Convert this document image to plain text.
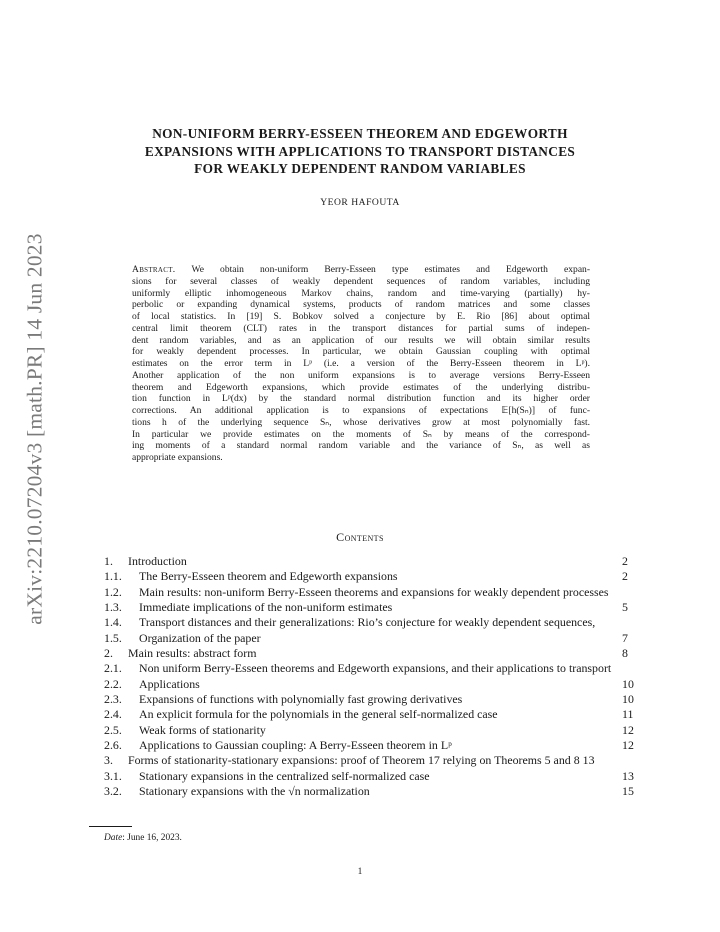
arXiv:2210.07204v3 [math.PR] 14 Jun 2023
NON-UNIFORM BERRY-ESSEEN THEOREM AND EDGEWORTH
EXPANSIONS WITH APPLICATIONS TO TRANSPORT DISTANCES
FOR WEAKLY DEPENDENT RANDOM VARIABLES
YEOR HAFOUTA
Abstract. We obtain non-uniform Berry-Esseen type estimates and Edgeworth expan-
sions for several classes of weakly dependent sequences of random variables, including
uniformly elliptic inhomogeneous Markov chains, random and time-varying (partially) hy-
perbolic or expanding dynamical systems, products of random matrices and some classes
of local statistics. In [19] S. Bobkov solved a conjecture by E. Rio [86] about optimal
central limit theorem (CLT) rates in the transport distances for partial sums of indepen-
dent random variables, and as an application of our results we will obtain similar results
for weakly dependent processes. In particular, we obtain Gaussian coupling with optimal
estimates on the error term in Lᵖ (i.e. a version of the Berry-Esseen theorem in Lᵖ).
Another application of the non uniform expansions is to average versions Berry-Esseen
theorem and Edgeworth expansions, which provide estimates of the underlying distribu-
tion function in Lᵖ(dx) by the standard normal distribution function and its higher order
corrections. An additional application is to expansions of expectations 𝔼[h(Sₙ)] of func-
tions h of the underlying sequence Sₙ, whose derivatives grow at most polynomially fast.
In particular we provide estimates on the moments of Sₙ by means of the correspond-
ing moments of a standard normal random variable and the variance of Sₙ, as well as
appropriate expansions.
Contents
1. Introduction	2
1.1. The Berry-Esseen theorem and Edgeworth expansions	2
1.2. Main results: non-uniform Berry-Esseen theorems and expansions for weakly dependent processes
1.3. Immediate implications of the non-uniform estimates	5
1.4. Transport distances and their generalizations: Rio’s conjecture for weakly dependent sequences,
1.5. Organization of the paper	7
2. Main results: abstract form	8
2.1. Non uniform Berry-Esseen theorems and Edgeworth expansions, and their applications to transport
2.2. Applications	10
2.3. Expansions of functions with polynomially fast growing derivatives	10
2.4. An explicit formula for the polynomials in the general self-normalized case	11
2.5. Weak forms of stationarity	12
2.6. Applications to Gaussian coupling: A Berry-Esseen theorem in Lᵖ	12
3. Forms of stationarity-stationary expansions: proof of Theorem 17 relying on Theorems 5 and 8 13
3.1. Stationary expansions in the centralized self-normalized case	13
3.2. Stationary expansions with the √n normalization	15
Date: June 16, 2023.
1
